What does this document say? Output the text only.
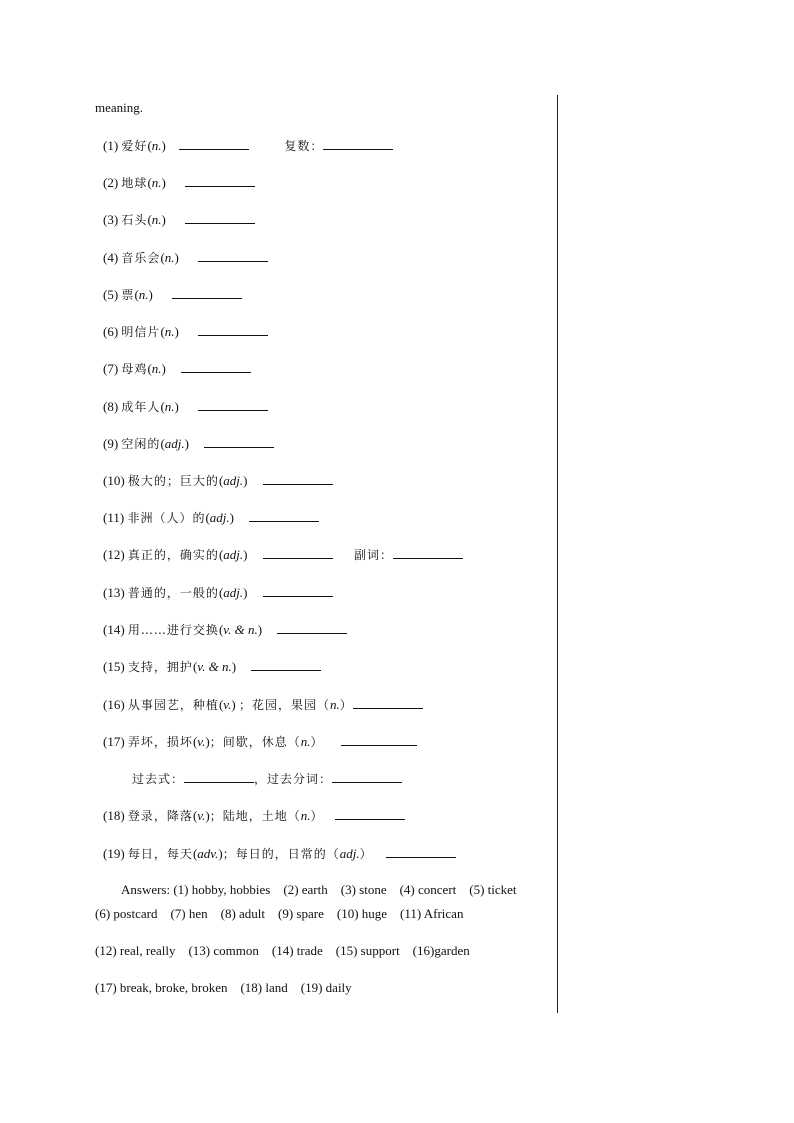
meaning.
(1) 爱好(n.)	复数：
(2) 地球(n.)
(3) 石头(n.)
(4) 音乐会(n.)
(5) 票(n.)
(6) 明信片(n.)
(7) 母鸡(n.)
(8) 成年人(n.)
(9) 空闲的(adj.)
(10) 极大的；巨大的(adj.)
(11) 非洲（人）的(adj.)
(12) 真正的，确实的(adj.)	副词：
(13) 普通的，一般的(adj.)
(14) 用……进行交换(v. & n.)
(15) 支持，拥护(v. & n.)
(16) 从事园艺，种植(v.) ；花园，果园（n.）
(17) 弄坏，损坏(v.)；间歇，休息（n.）
过去式：	，过去分词：
(18) 登录，降落(v.)；陆地，土地（n.）
(19) 每日，每天(adv.)；每日的，日常的（adj.）
Answers: (1) hobby, hobbies    (2) earth    (3) stone    (4) concert    (5) ticket
(6) postcard    (7) hen    (8) adult    (9) spare    (10) huge    (11) African
(12) real, really    (13) common    (14) trade    (15) support    (16)garden
(17) break, broke, broken    (18) land    (19) daily
